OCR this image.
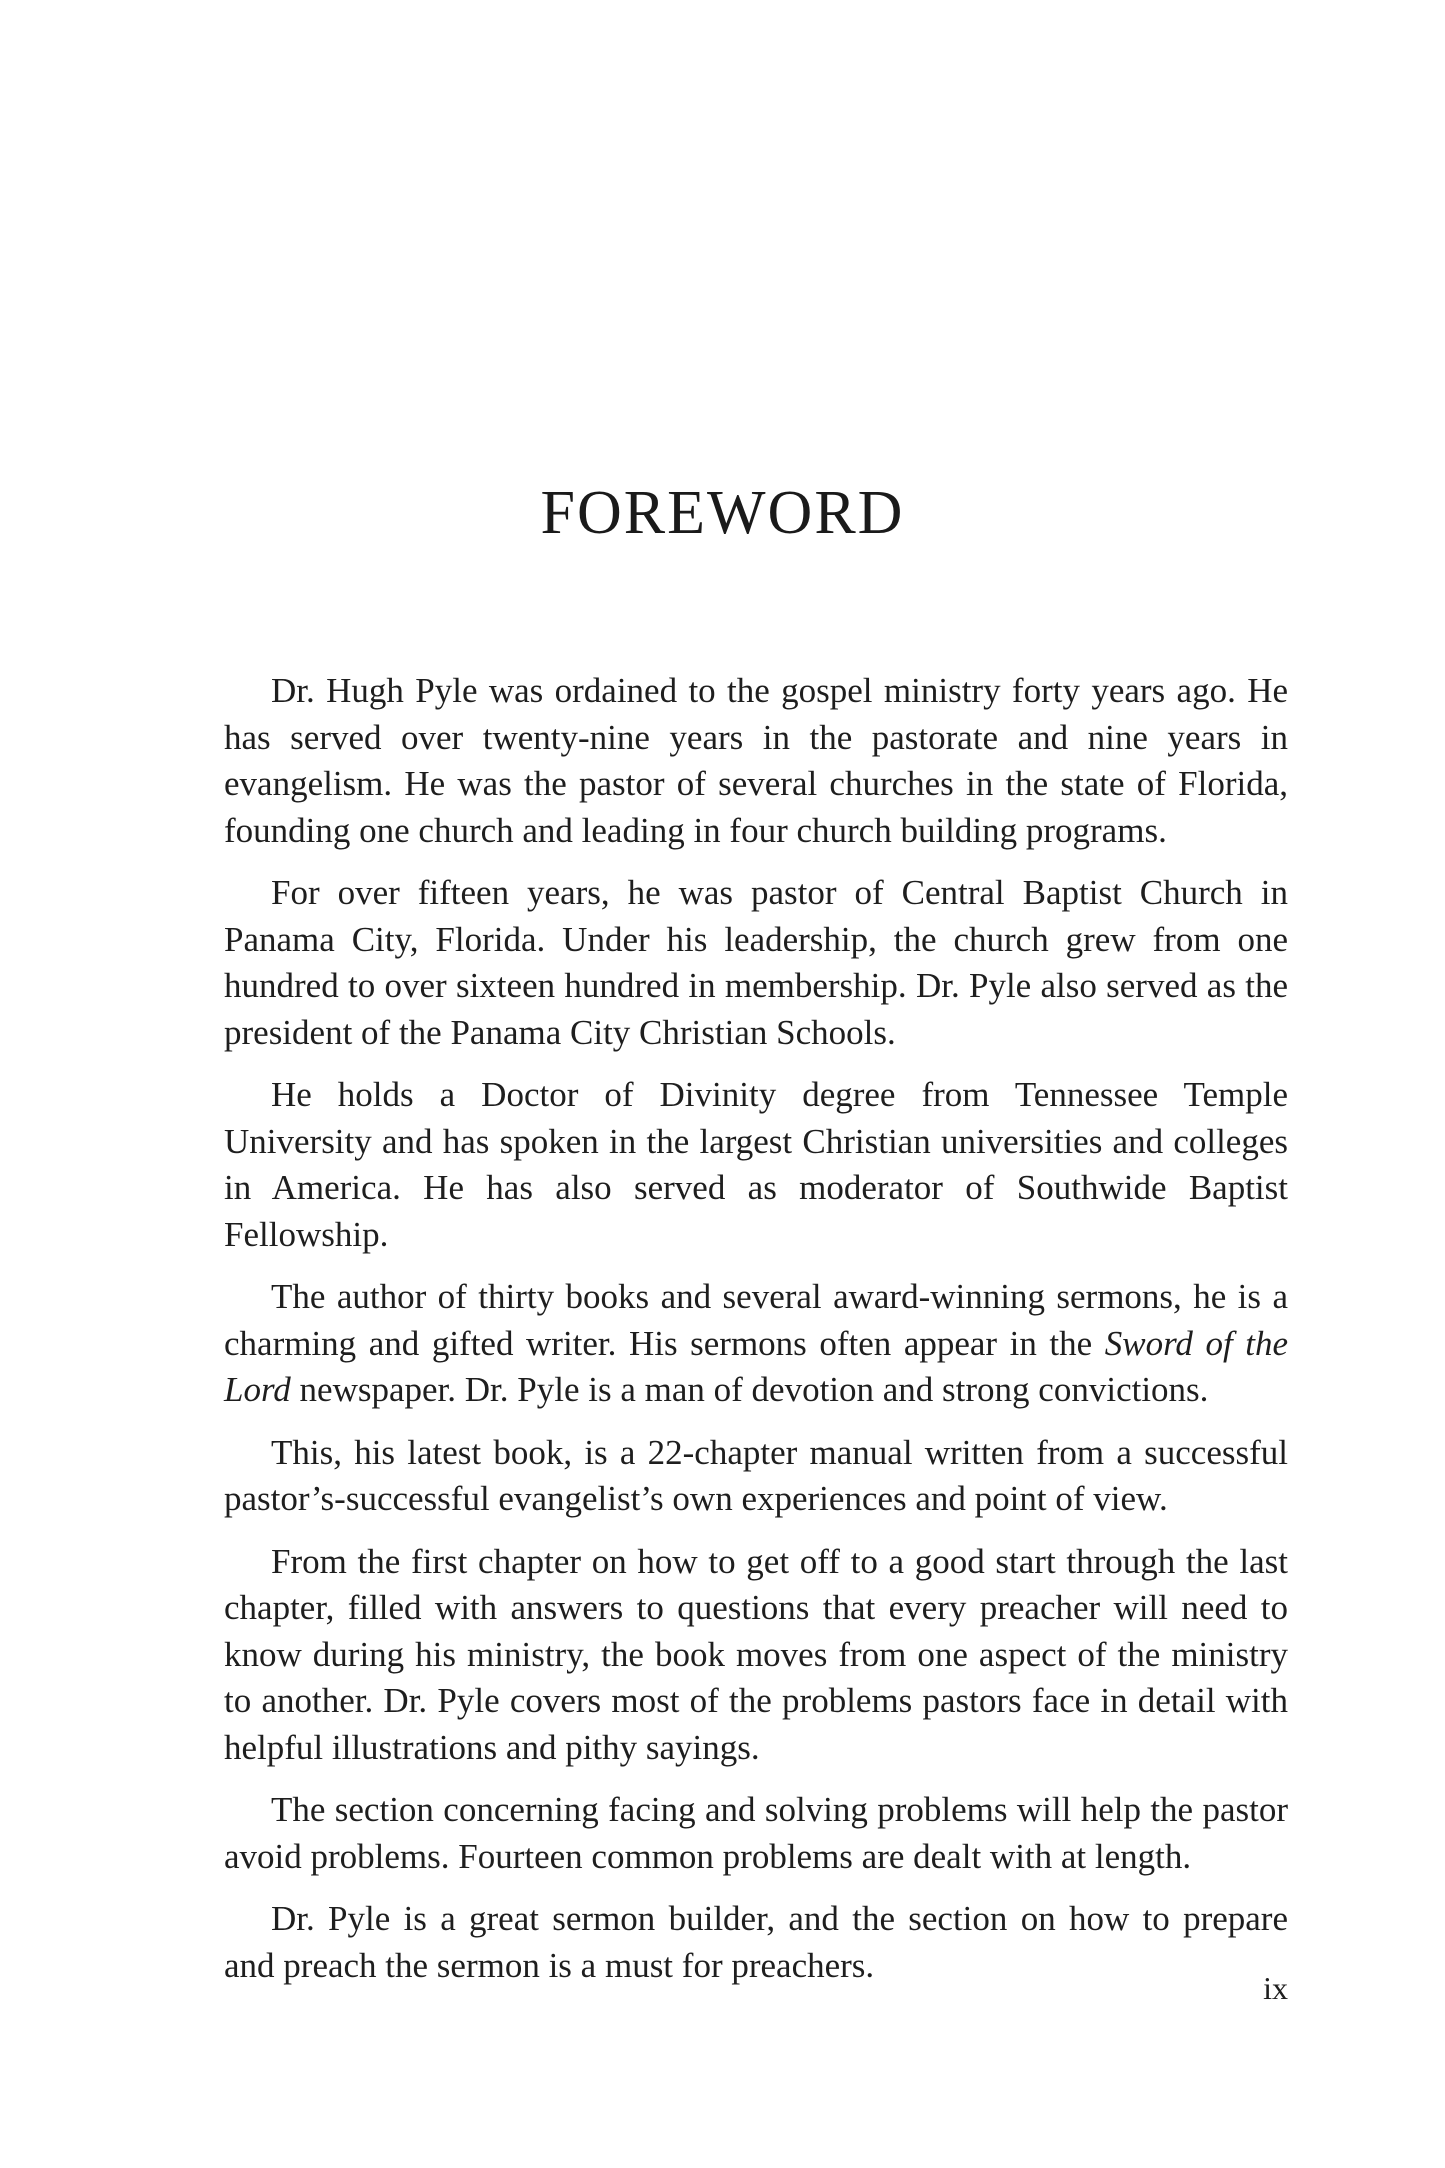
FOREWORD

Dr. Hugh Pyle was ordained to the gospel ministry forty years ago. He has served over twenty-nine years in the pastorate and nine years in evangelism. He was the pastor of several churches in the state of Florida, founding one church and leading in four church building programs.

For over fifteen years, he was pastor of Central Baptist Church in Panama City, Florida. Under his leadership, the church grew from one hundred to over sixteen hundred in membership. Dr. Pyle also served as the president of the Panama City Christian Schools.

He holds a Doctor of Divinity degree from Tennessee Temple University and has spoken in the largest Christian universities and colleges in America. He has also served as moderator of Southwide Baptist Fellowship.

The author of thirty books and several award-winning sermons, he is a charming and gifted writer. His sermons often appear in the Sword of the Lord newspaper. Dr. Pyle is a man of devotion and strong convictions.

This, his latest book, is a 22-chapter manual written from a successful pastor’s-successful evangelist’s own experiences and point of view.

From the first chapter on how to get off to a good start through the last chapter, filled with answers to questions that every preacher will need to know during his ministry, the book moves from one aspect of the ministry to another. Dr. Pyle covers most of the problems pastors face in detail with helpful illustrations and pithy sayings.

The section concerning facing and solving problems will help the pastor avoid problems. Fourteen common problems are dealt with at length.

Dr. Pyle is a great sermon builder, and the section on how to prepare and preach the sermon is a must for preachers.

ix
